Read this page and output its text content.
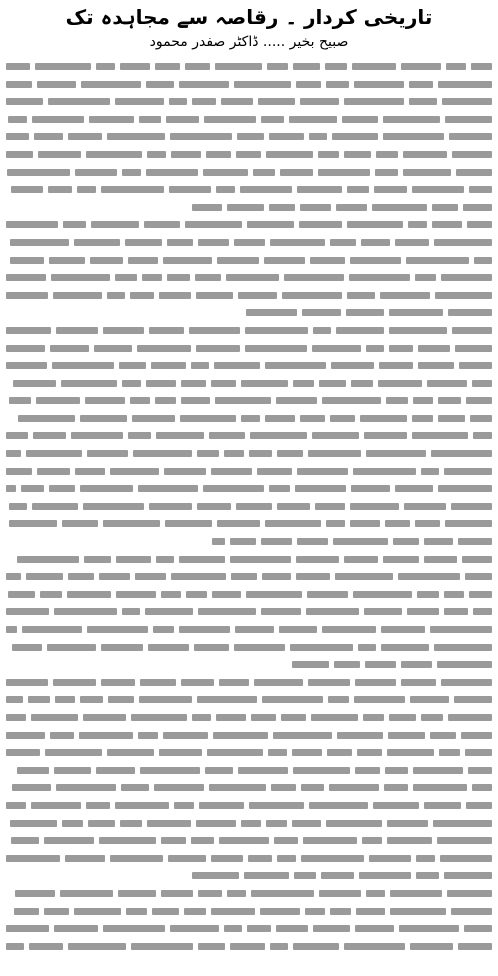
تاریخی کردار ۔ رقاصہ سے مجاہدہ تک
صبیح بخیر ..... ڈاکٹر صفدر محمود
